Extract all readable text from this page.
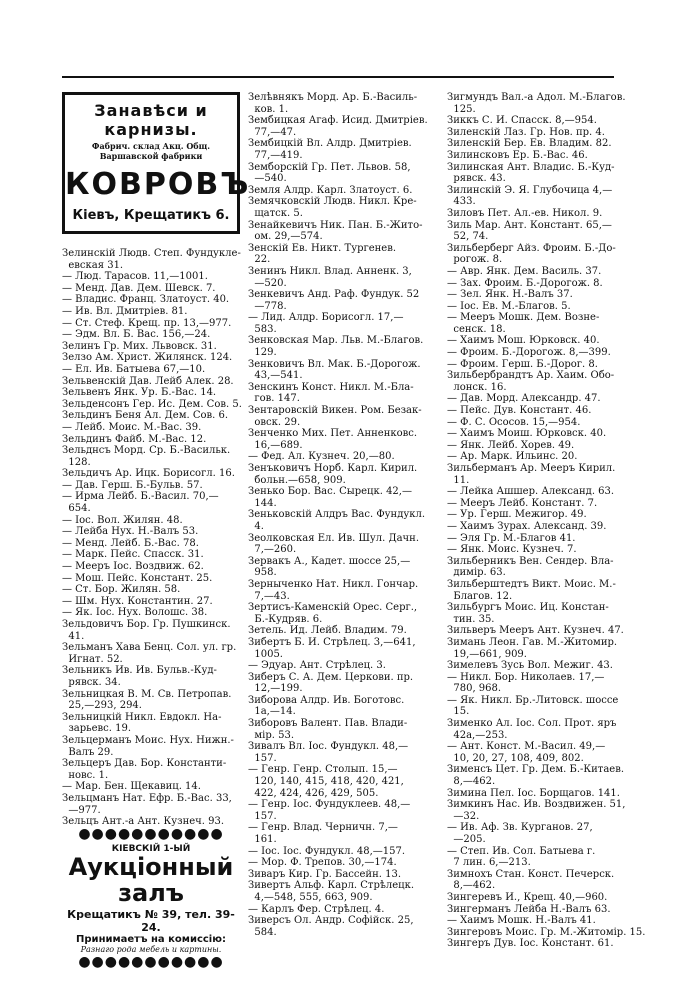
Зелинскiй Людв. Степ. Фундуклe-
евская 31.
— Люд. Тарасов. 11,—1001.
— Менд. Дав. Дем. Шевск. 7.
— Владис. Франц. Златоуст. 40.
— Ив. Вл. Дмитрiев. 81.
— Ст. Стеф. Крещ. пр. 13,—977.
— Эдм. Вл. Б. Вас. 156,—24.
Зелинъ Гр. Мих. Львовск. 31.
Зелзо Ам. Христ. Жилянск. 124.
— Ел. Ив. Батыева 67,—10.
Зельвенскiй Дав. Лейб Алек. 28.
Зельвенъ Янк. Ур. Б.-Вас. 14.
Зельденсонъ Гер. Ис. Дем. Сов. 5.
Зельдинъ Беня Ал. Дем. Сов. 6.
— Лейб. Моис. М.-Вас. 39.
Зельдинъ Файб. М.-Вас. 12.
Зельднсъ Морд. Ср. Б.-Васильк.
128.
Зельдичъ Ар. Ицк. Борисогл. 16.
— Дав. Герш. Б.-Бульв. 57.
— Ирма Лейб. Б.-Васил. 70,—
654.
— Iос. Вол. Жилян. 48.
— Лейба Нух. Н.-Валъ 53.
— Менд. Лейб. Б.-Вас. 78.
— Марк. Пейс. Спасск. 31.
— Мееръ Iос. Воздвиж. 62.
— Мош. Пейс. Констант. 25.
— Ст. Бор. Жилян. 58.
— Шм. Нух. Константин. 27.
— Як. Iос. Нух. Волошс. 38.
Зельдовичъ Бор. Гр. Пушкинск.
41.
Зельманъ Хава Бенц. Сол. ул. гр.
Игнат. 52.
Зельникъ Ив. Ив. Бульв.-Куд-
рявск. 34.
Зельницкая В. М. Св. Петропав.
25,—293, 294.
Зельницкiй Никл. Евдокл. На-
зарьевс. 19.
Зельцерманъ Моис. Нух. Нижн.-
Валъ 29.
Зельцеръ Дав. Бор. Константи-
новс. 1.
— Мар. Бен. Щекавиц. 14.
Зельцманъ Нат. Ефр. Б.-Вас. 33,
—977.
Зельцъ Ант.-а Ант. Кузнеч. 93.
Занавѣси и карнизы.
Фабрич. склад Акц. Общ. Варшавской фабрики
КОВРОВЪ
Кiевъ, Крещатикъ 6.
●●●●●●●●●●●
КIЕВСКIЙ 1-ЫЙ
Аукцiонный залъ
Крещатикъ № 39, тел. 39-24.
Принимаетъ на комиссiю:
Разнаго рода мебель и картины.
●●●●●●●●●●●
Зелѣвнякъ Морд. Ар. Б.-Василь-
ков. 1.
Зембицкая Агаф. Исид. Дмитрiев.
77,—47.
Зембицкiй Вл. Алдр. Дмитрiев.
77,—419.
Земборскiй Гр. Пет. Львов. 58,
—540.
Земля Алдр. Карл. Златоуст. 6.
Земячковскiй Людв. Никл. Кре-
щатск. 5.
Зенайкевичъ Ник. Пан. Б.-Жито-
ом. 29,—574.
Зенскiй Ев. Никт. Тургенев.
22.
Зенинъ Никл. Влад. Анненк. 3,
—520.
Зенкевичъ Анд. Раф. Фундук. 52
—778.
— Лид. Алдр. Борисогл. 17,—
583.
Зенковская Мар. Льв. М.-Благов.
129.
Зенковичъ Вл. Мак. Б.-Дорогож.
43,—541.
Зенскинъ Конст. Никл. М.-Бла-
гов. 147.
Зентаровскiй Викен. Ром. Безак-
овск. 29.
Зенченко Мих. Пет. Анненковс.
16,—689.
— Фед. Ал. Кузнеч. 20,—80.
Зенъковичъ Норб. Карл. Кирил.
больн.—658, 909.
Зенько Бор. Вас. Сырецк. 42,—
144.
Зеньковскiй Алдръ Вас. Фундукл.
4.
Зеолковская Ел. Ив. Шул. Дачн.
7,—260.
Зервакъ А., Кадет. шоссе 25,—
958.
Зерныченко Нат. Никл. Гончар.
7,—43.
Зертисъ-Каменскiй Орес. Серг.,
Б.-Кудряв. 6.
Зетель. Ид. Лейб. Владим. 79.
Зибертъ Б. И. Стрѣлец. 3,—641,
1005.
— Эдуар. Ант. Стрѣлец. 3.
Зиберъ С. А. Дем. Церкови. пр.
12,—199.
Зиборова Алдр. Ив. Боготовс.
1а,—14.
Зиборовъ Валент. Пав. Влади-
мiр. 53.
Зивалъ Вл. Iос. Фундукл. 48,—
157.
— Генр. Генр. Столып. 15,—
120, 140, 415, 418, 420, 421,
422, 424, 426, 429, 505.
— Генр. Iос. Фундуклеев. 48,—
157.
— Генр. Влад. Черничн. 7,—
161.
— Iос. Iос. Фундукл. 48,—157.
— Мор. Ф. Трепов. 30,—174.
Зиваръ Кир. Гр. Бассейн. 13.
Зивертъ Альф. Карл. Стрѣлецк.
4,—548, 555, 663, 909.
— Карлъ Фер. Стрѣлец. 4.
Зиверсъ Ол. Андр. Софiйск. 25,
584.
Зигмундъ Вал.-а Адол. М.-Благов.
125.
Зиккъ С. И. Спасск. 8,—954.
Зиленскiй Лаз. Гр. Нов. пр. 4.
Зиленскiй Бер. Ев. Владим. 82.
Зилинсковъ Ер. Б.-Вас. 46.
Зилинская Ант. Владис. Б.-Куд-
рявск. 43.
Зилинскiй Э. Я. Глубочица 4,—
433.
Зиловъ Пет. Ал.-ев. Никол. 9.
Зиль Мар. Ант. Констант. 65,—
52, 74.
Зильберберг Айз. Фроим. Б.-До-
рогож. 8.
— Авр. Янк. Дем. Василь. 37.
— Зах. Фроим. Б.-Дорогож. 8.
— Зел. Янк. Н.-Валъ 37.
— Iос. Ев. М.-Благов. 5.
— Мееръ Мошк. Дем. Возне-
сенск. 18.
— Хаимъ Мош. Юрковск. 40.
— Фроим. Б.-Дорогож. 8,—399.
— Фроим. Герш. Б.-Дорог. 8.
Зильбербрандтъ Ар. Хаим. Обо-
лонск. 16.
— Дав. Морд. Александр. 47.
— Пейс. Дув. Констант. 46.
— Ф. С. Ососов. 15,—954.
— Хаимъ Моиш. Юрковск. 40.
— Янк. Лейб. Хорев. 49.
— Ар. Марк. Ильинс. 20.
Зильберманъ Ар. Мееръ Кирил.
11.
— Лейка Ашшер. Александ. 63.
— Мееръ Лейб. Констант. 7.
— Ур. Герш. Межигор. 49.
— Хаимъ Зурах. Александ. 39.
— Эля Гр. М.-Благов 41.
— Янк. Моис. Кузнеч. 7.
Зильберникъ Вен. Сендер. Вла-
димiр. 63.
Зильберштедтъ Викт. Моис. М.-
Благов. 12.
Зильбургъ Моис. Иц. Констан-
тин. 35.
Зильверъ Мееръ Ант. Кузнеч. 47.
Зимань Леон. Гав. М.-Житомир.
19,—661, 909.
Зимелевъ Зусь Вол. Межиг. 43.
— Никл. Бор. Николаев. 17,—
780, 968.
— Як. Никл. Бр.-Литовск. шоссе
15.
Зименко Ал. Iос. Сол. Прот. яръ
42а,—253.
— Ант. Конст. М.-Васил. 49,—
10, 20, 27, 108, 409, 802.
Зименсъ Цет. Гр. Дем. Б.-Китаев.
8,—462.
Зимина Пел. Iос. Борщагов. 141.
Зимкинъ Нас. Ив. Воздвижен. 51,
—32.
— Ив. Аф. Зв. Курганов. 27,
—205.
— Степ. Ив. Сол. Батыева г.
7 лин. 6,—213.
Зимнохъ Стан. Конст. Печерск.
8,—462.
Зингеревъ И., Крещ. 40,—960.
Зингерманъ Лейба Н.-Валъ 63.
— Хаимъ Мошк. Н.-Валъ 41.
Зингеровъ Моис. Гр. М.-Житомiр. 15.
Зингеръ Дув. Iос. Констант. 61.
